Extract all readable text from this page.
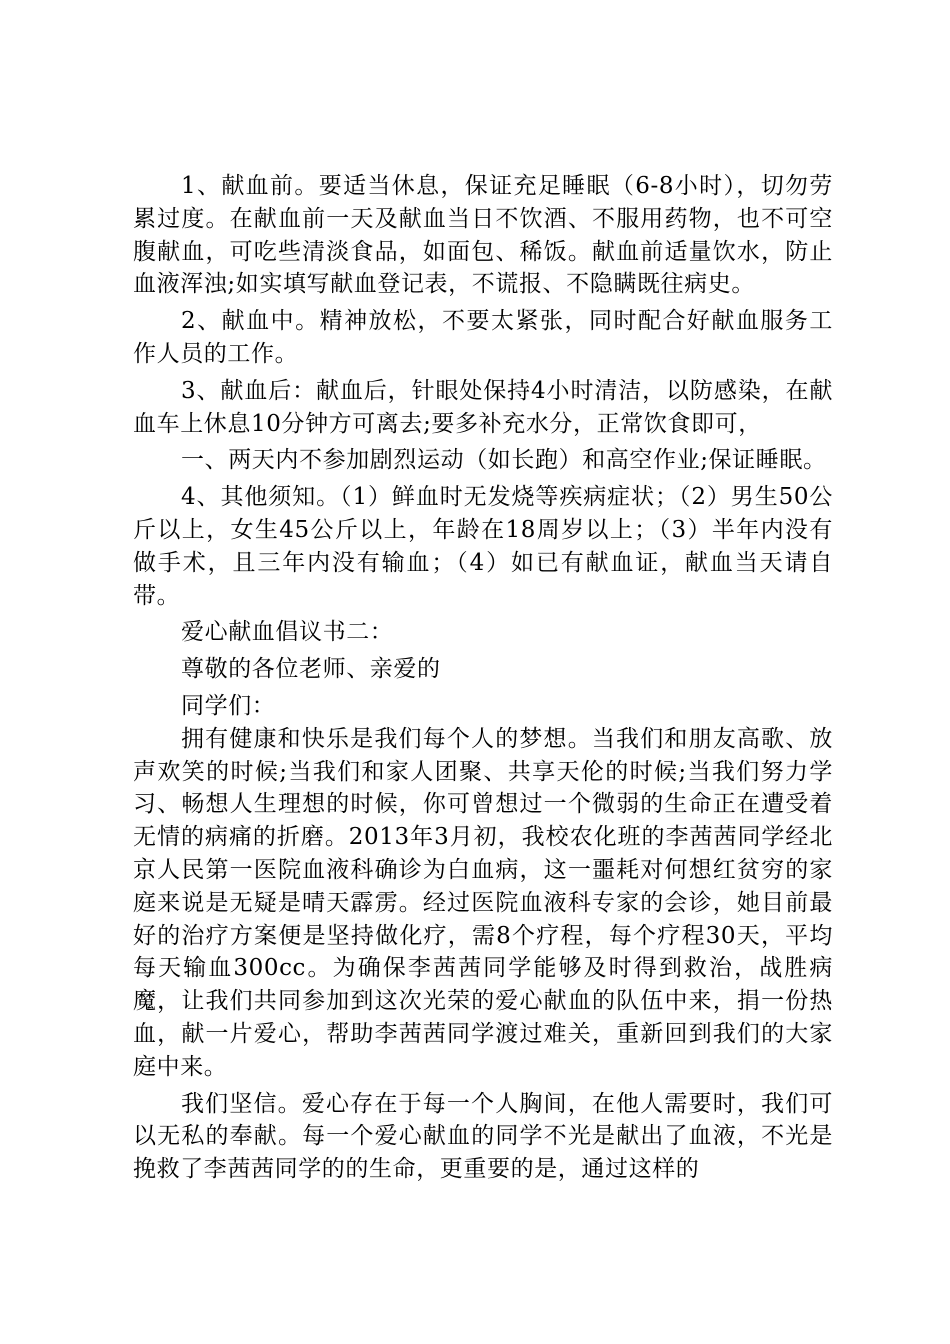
1、献血前。要适当休息，保证充足睡眠（6-8小时），切勿劳累过度。在献血前一天及献血当日不饮酒、不服用药物，也不可空腹献血，可吃些清淡食品，如面包、稀饭。献血前适量饮水，防止血液浑浊;如实填写献血登记表，不谎报、不隐瞒既往病史。

2、献血中。精神放松，不要太紧张，同时配合好献血服务工作人员的工作。

3、献血后：献血后，针眼处保持4小时清洁，以防感染，在献血车上休息10分钟方可离去;要多补充水分，正常饮食即可，

一、两天内不参加剧烈运动（如长跑）和高空作业;保证睡眠。

4、其他须知。（1）鲜血时无发烧等疾病症状；（2）男生50公斤以上，女生45公斤以上，年龄在18周岁以上；（3）半年内没有做手术，且三年内没有输血；（4）如已有献血证，献血当天请自带。

爱心献血倡议书二：

尊敬的各位老师、亲爱的

同学们：

拥有健康和快乐是我们每个人的梦想。当我们和朋友高歌、放声欢笑的时候;当我们和家人团聚、共享天伦的时候;当我们努力学习、畅想人生理想的时候，你可曾想过一个微弱的生命正在遭受着无情的病痛的折磨。2013年3月初，我校农化班的李茜茜同学经北京人民第一医院血液科确诊为白血病，这一噩耗对何想红贫穷的家庭来说是无疑是晴天霹雳。经过医院血液科专家的会诊，她目前最好的治疗方案便是坚持做化疗，需8个疗程，每个疗程30天，平均每天输血300cc。为确保李茜茜同学能够及时得到救治，战胜病魔，让我们共同参加到这次光荣的爱心献血的队伍中来，捐一份热血，献一片爱心，帮助李茜茜同学渡过难关，重新回到我们的大家庭中来。

我们坚信。爱心存在于每一个人胸间，在他人需要时，我们可以无私的奉献。每一个爱心献血的同学不光是献出了血液，不光是挽救了李茜茜同学的的生命，更重要的是，通过这样的
